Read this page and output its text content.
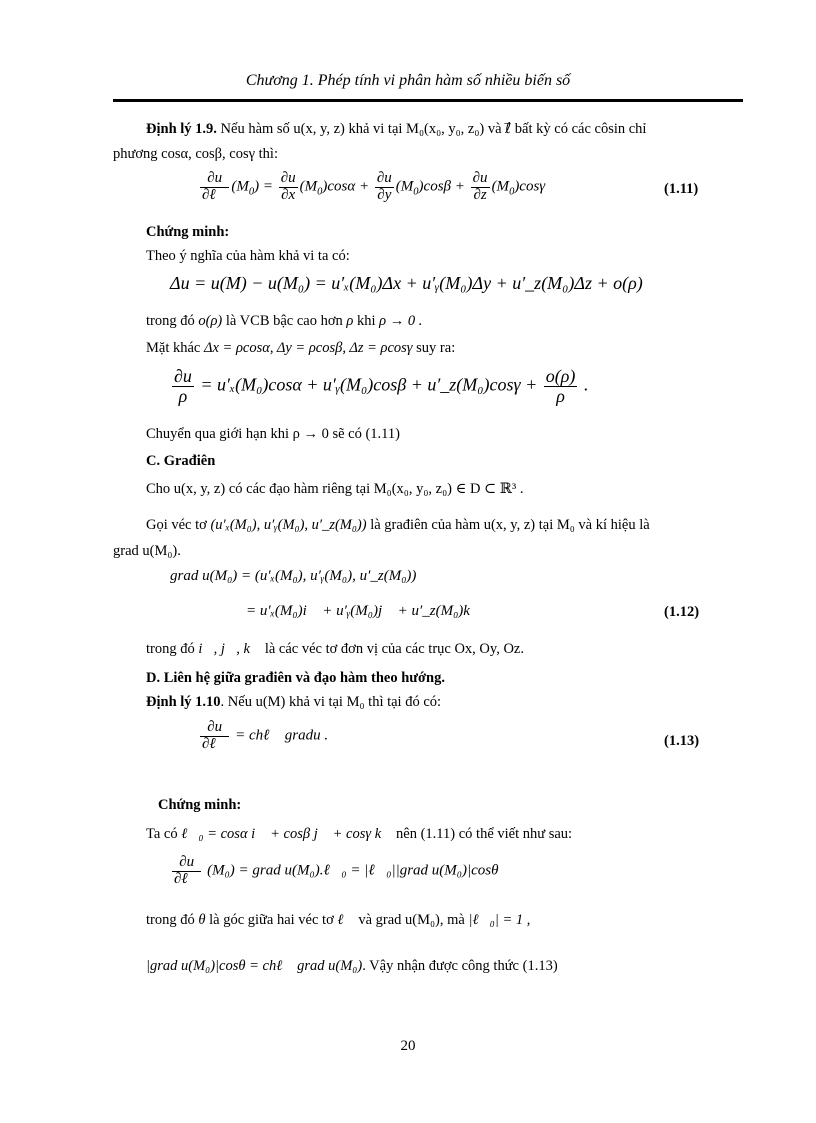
Chương 1. Phép tính vi phân hàm số nhiều biến số
Định lý 1.9. Nếu hàm số u(x, y, z) khả vi tại M₀(x₀, y₀, z₀) và ℓ⃗ bất kỳ có các côsin chỉ
phương cosα, cosβ, cosγ thì:
$\frac{\partial u}{\text{∂ℓ⃗}} (M_0) = \frac{\partial u}{\partial x} (M_0)\cos\alpha + \frac{\partial u}{\partial y} (M_0)\cos\beta + \frac{\partial u}{\partial z} (M_0)\cos\gamma$	(1.11)
Chứng minh:
Theo ý nghĩa của hàm khả vi ta có:
Δu = u(M) − u(M₀) = u′ₓ(M₀)Δx + u′ᵧ(M₀)Δy + u′_z(M₀)Δz + o(ρ)
trong đó o(ρ) là VCB bậc cao hơn ρ khi ρ → 0 .
Mặt khác Δx = ρcosα, Δy = ρcosβ, Δz = ρcosγ suy ra:
$\frac{\partial u}{\rho} = u'_x(M_0)\cos\alpha$ + u′ᵧ(M₀)cosβ + u′_z(M₀)cosγ + $\frac{o(\rho)}{\rho}$ .
Chuyển qua giới hạn khi ρ → 0 sẽ có (1.11)
C. Građiên
Cho u(x, y, z) có các đạo hàm riêng tại M₀(x₀, y₀, z₀) ∈ D ⊂ ℝ³ .
Gọi véc tơ (u′ₓ(M₀), u′ᵧ(M₀), u′_z(M₀)) là građiên của hàm u(x, y, z) tại M₀ và kí hiệu là
grad u(M₀).
grad u(M₀) = (u′ₓ(M₀), u′ᵧ(M₀), u′_z(M₀))
= u′ₓ(M₀)i⃗ + u′ᵧ(M₀)j⃗ + u′_z(M₀)k⃗	(1.12)
trong đó i⃗, j⃗, k⃗ là các véc tơ đơn vị của các trục Ox, Oy, Oz.
D. Liên hệ giữa građiên và đạo hàm theo hướng.
Định lý 1.10. Nếu u(M) khả vi tại M₀ thì tại đó có:
$\frac{\partial u}{\text{∂ℓ⃗}}$ = chℓ⃗ gradu .	(1.13)
Chứng minh:
Ta có ℓ⃗₀ = cosα i⃗ + cosβ j⃗ + cosγ k⃗ nên (1.11) có thể viết như sau:
$\frac{\partial u}{\text{∂ℓ⃗}} (M_0)$ = grad u(M₀).ℓ⃗₀ = |ℓ⃗₀||grad u(M₀)|cosθ
trong đó θ là góc giữa hai véc tơ ℓ⃗ và grad u(M₀), mà |ℓ⃗₀| = 1 ,
|grad u(M₀)|cosθ = chℓ⃗ grad u(M₀). Vậy nhận được công thức (1.13)
20
